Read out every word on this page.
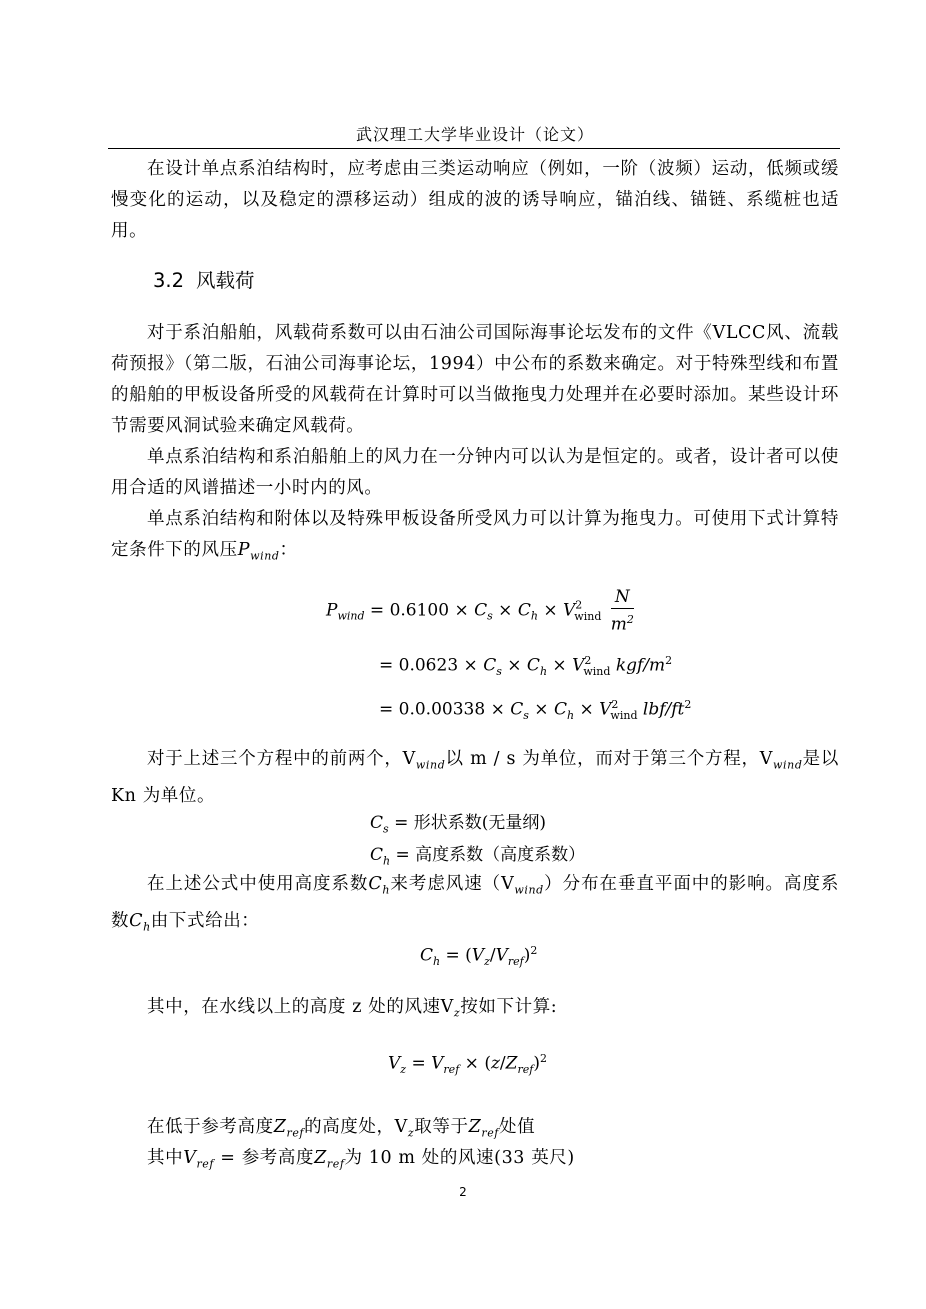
武汉理工大学毕业设计（论文）
在设计单点系泊结构时，应考虑由三类运动响应（例如，一阶（波频）运动，低频或缓慢变化的运动，以及稳定的漂移运动）组成的波的诱导响应，锚泊线、锚链、系缆桩也适用。
3.2 风载荷
对于系泊船舶，风载荷系数可以由石油公司国际海事论坛发布的文件《VLCC风、流载荷预报》（第二版，石油公司海事论坛，1994）中公布的系数来确定。对于特殊型线和布置的船舶的甲板设备所受的风载荷在计算时可以当做拖曳力处理并在必要时添加。某些设计环节需要风洞试验来确定风载荷。
单点系泊结构和系泊船舶上的风力在一分钟内可以认为是恒定的。或者，设计者可以使用合适的风谱描述一小时内的风。
单点系泊结构和附体以及特殊甲板设备所受风力可以计算为拖曳力。可使用下式计算特定条件下的风压$P_{wind}$：
$P_{wind} = 0.6100 \times C_s \times C_h \times V^2_{wind} \frac{N}{m^2}$
= $0.0623 \times C_s \times C_h \times V^2_{wind}$ kgf/$m^2$
= $0.0.00338 \times C_s \times C_h \times V^2_{wind}$ lbf/$ft^2$
对于上述三个方程中的前两个，$V_{wind}$以 m / s 为单位，而对于第三个方程，$V_{wind}$是以Kn 为单位。
$C_s$ = 形状系数(无量纲)
$C_h$ = 高度系数（高度系数）
在上述公式中使用高度系数$C_h$来考虑风速$(V_{wind})$分布在垂直平面中的影响。高度系数$C_h$由下式给出：
$C_h = (V_z/V_{ref})^2$
其中，在水线以上的高度 z 处的风速$V_z$按如下计算:
$V_z = V_{ref} \times (z/Z_{ref})^2$
在低于参考高度$Z_{ref}$的高度处，$V_z$取等于$Z_{ref}$处值
其中$V_{ref}$ = 参考高度$Z_{ref}$为 10 m 处的风速(33 英尺)
2
